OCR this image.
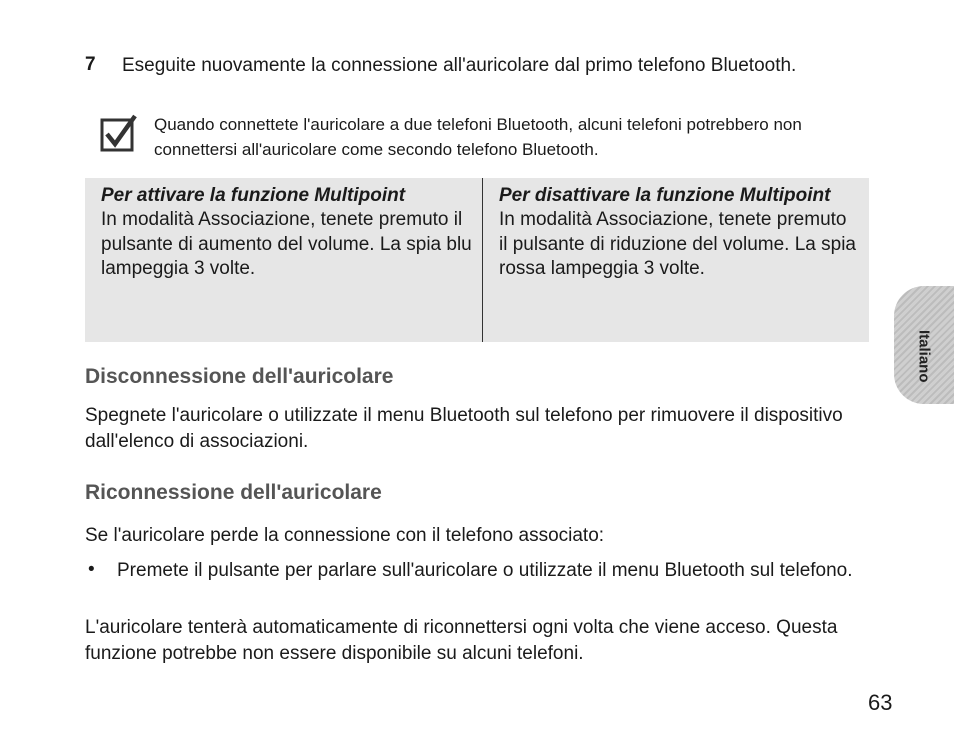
7 Eseguite nuovamente la connessione all'auricolare dal primo telefono Bluetooth.
Quando connettete l'auricolare a due telefoni Bluetooth, alcuni telefoni potrebbero non connettersi all'auricolare come secondo telefono Bluetooth.
Per attivare la funzione Multipoint
In modalità Associazione, tenete premuto il pulsante di aumento del volume. La spia blu lampeggia 3 volte.
Per disattivare la funzione Multipoint
In modalità Associazione, tenete premuto il pulsante di riduzione del volume. La spia rossa lampeggia 3 volte.
Disconnessione dell'auricolare
Spegnete l'auricolare o utilizzate il menu Bluetooth sul telefono per rimuovere il dispositivo dall'elenco di associazioni.
Riconnessione dell'auricolare
Se l'auricolare perde la connessione con il telefono associato:
• Premete il pulsante per parlare sull'auricolare o utilizzate il menu Bluetooth sul telefono.
L'auricolare tenterà automaticamente di riconnettersi ogni volta che viene acceso. Questa funzione potrebbe non essere disponibile su alcuni telefoni.
Italiano
63
